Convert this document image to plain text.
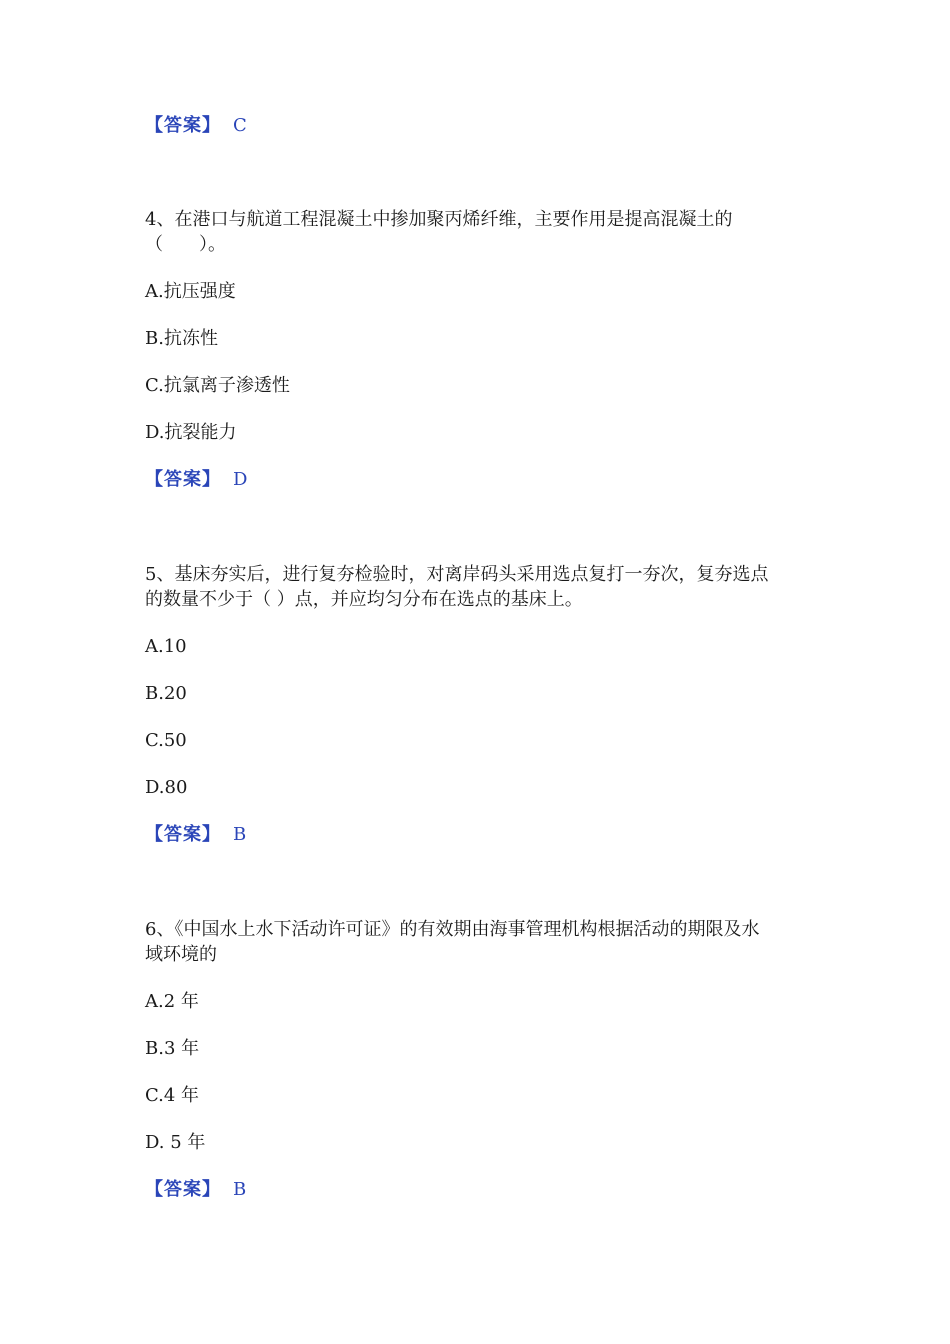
【答案】 C
4、在港口与航道工程混凝土中掺加聚丙烯纤维，主要作用是提高混凝土的
（　　）。
A.抗压强度
B.抗冻性
C.抗氯离子渗透性
D.抗裂能力
【答案】 D
5、基床夯实后，进行复夯检验时，对离岸码头采用选点复打一夯次，复夯选点
的数量不少于（ ）点，并应均匀分布在选点的基床上。
A.10
B.20
C.50
D.80
【答案】 B
6、《中国水上水下活动许可证》的有效期由海事管理机构根据活动的期限及水
域环境的
A.2 年
B.3 年
C.4 年
D. 5 年
【答案】 B
